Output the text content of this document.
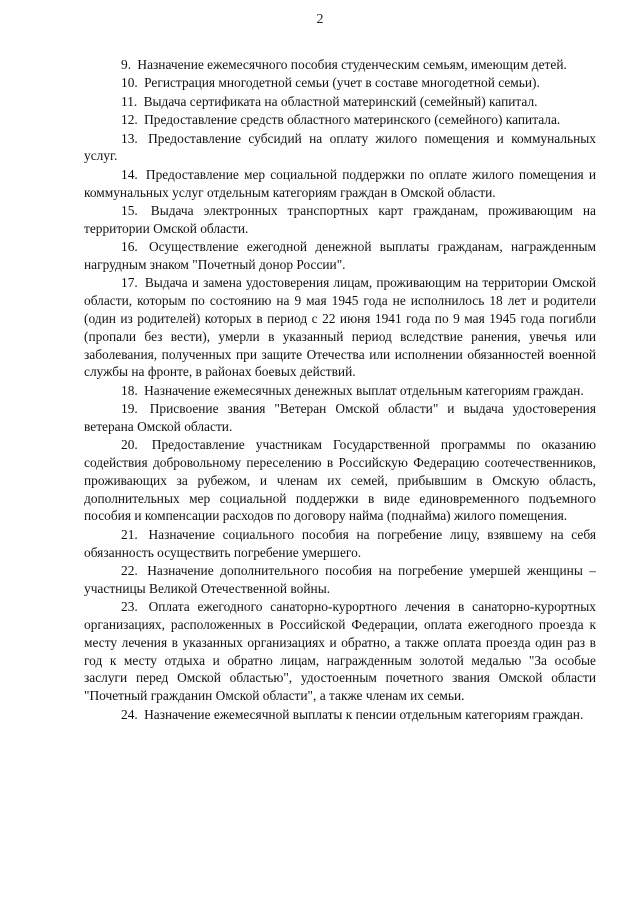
2

9. Назначение ежемесячного пособия студенческим семьям, имеющим детей.

10. Регистрация многодетной семьи (учет в составе многодетной семьи).

11. Выдача сертификата на областной материнский (семейный) капитал.

12. Предоставление средств областного материнского (семейного) капитала.

13. Предоставление субсидий на оплату жилого помещения и коммунальных услуг.

14. Предоставление мер социальной поддержки по оплате жилого помещения и коммунальных услуг отдельным категориям граждан в Омской области.

15. Выдача электронных транспортных карт гражданам, проживающим на территории Омской области.

16. Осуществление ежегодной денежной выплаты гражданам, награжденным нагрудным знаком "Почетный донор России".

17. Выдача и замена удостоверения лицам, проживающим на территории Омской области, которым по состоянию на 9 мая 1945 года не исполнилось 18 лет и родители (один из родителей) которых в период с 22 июня 1941 года по 9 мая 1945 года погибли (пропали без вести), умерли в указанный период вследствие ранения, увечья или заболевания, полученных при защите Отечества или исполнении обязанностей военной службы на фронте, в районах боевых действий.

18. Назначение ежемесячных денежных выплат отдельным категориям граждан.

19. Присвоение звания "Ветеран Омской области" и выдача удостоверения ветерана Омской области.

20. Предоставление участникам Государственной программы по оказанию содействия добровольному переселению в Российскую Федерацию соотечественников, проживающих за рубежом, и членам их семей, прибывшим в Омскую область, дополнительных мер социальной поддержки в виде единовременного подъемного пособия и компенсации расходов по договору найма (поднайма) жилого помещения.

21. Назначение социального пособия на погребение лицу, взявшему на себя обязанность осуществить погребение умершего.

22. Назначение дополнительного пособия на погребение умершей женщины – участницы Великой Отечественной войны.

23. Оплата ежегодного санаторно-курортного лечения в санаторно-курортных организациях, расположенных в Российской Федерации, оплата ежегодного проезда к месту лечения в указанных организациях и обратно, а также оплата проезда один раз в год к месту отдыха и обратно лицам, награжденным золотой медалью "За особые заслуги перед Омской областью", удостоенным почетного звания Омской области "Почетный гражданин Омской области", а также членам их семьи.

24. Назначение ежемесячной выплаты к пенсии отдельным категориям граждан.
